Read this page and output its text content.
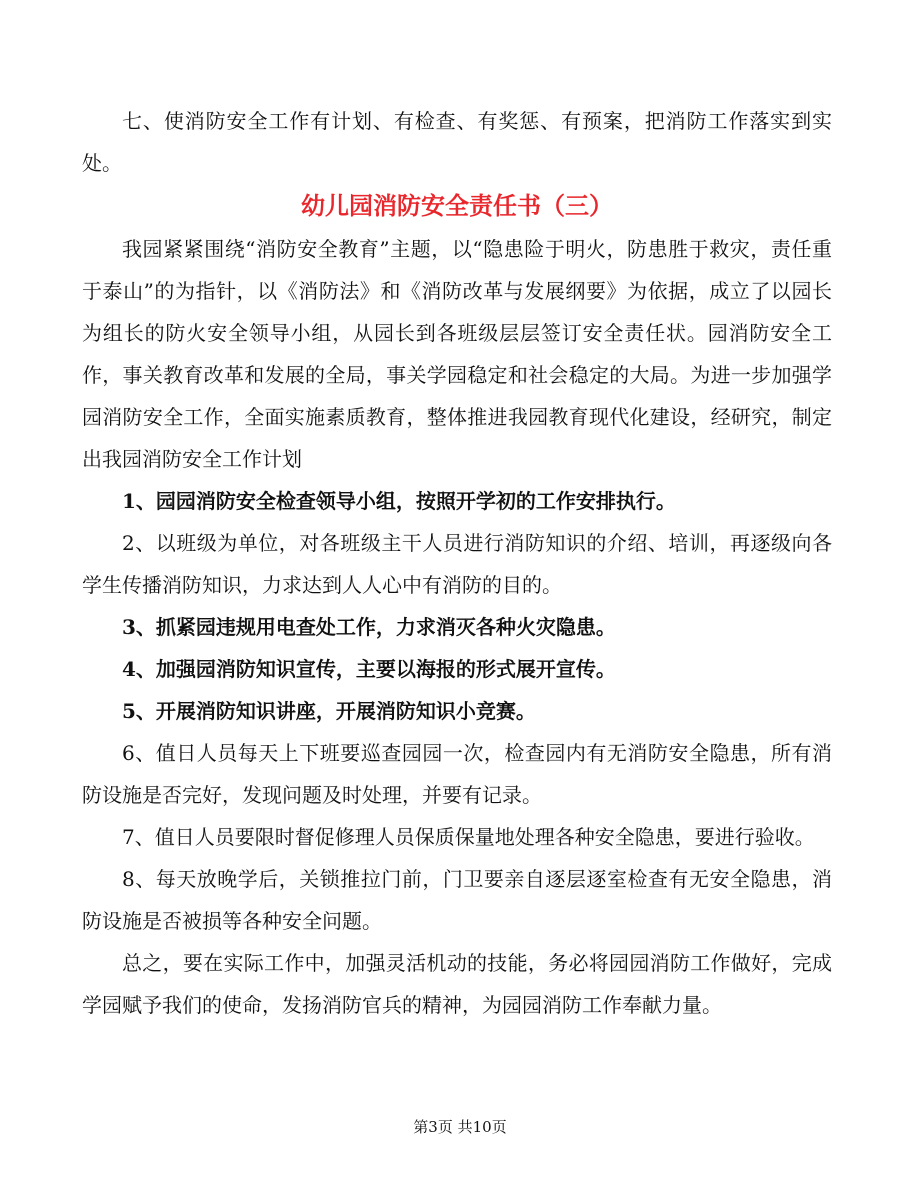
七、使消防安全工作有计划、有检查、有奖惩、有预案，把消防工作落实到实处。

幼儿园消防安全责任书（三）

我园紧紧围绕“消防安全教育”主题，以“隐患险于明火，防患胜于救灾，责任重于泰山”的为指针，以《消防法》和《消防改革与发展纲要》为依据，成立了以园长为组长的防火安全领导小组，从园长到各班级层层签订安全责任状。园消防安全工作，事关教育改革和发展的全局，事关学园稳定和社会稳定的大局。为进一步加强学园消防安全工作，全面实施素质教育，整体推进我园教育现代化建设，经研究，制定出我园消防安全工作计划

1、园园消防安全检查领导小组，按照开学初的工作安排执行。

2、以班级为单位，对各班级主干人员进行消防知识的介绍、培训，再逐级向各学生传播消防知识，力求达到人人心中有消防的目的。

3、抓紧园违规用电查处工作，力求消灭各种火灾隐患。

4、加强园消防知识宣传，主要以海报的形式展开宣传。

5、开展消防知识讲座，开展消防知识小竞赛。

6、值日人员每天上下班要巡查园园一次，检查园内有无消防安全隐患，所有消防设施是否完好，发现问题及时处理，并要有记录。

7、值日人员要限时督促修理人员保质保量地处理各种安全隐患，要进行验收。

8、每天放晚学后，关锁推拉门前，门卫要亲自逐层逐室检查有无安全隐患，消防设施是否被损等各种安全问题。

总之，要在实际工作中，加强灵活机动的技能，务必将园园消防工作做好，完成学园赋予我们的使命，发扬消防官兵的精神，为园园消防工作奉献力量。

第3页 共10页
